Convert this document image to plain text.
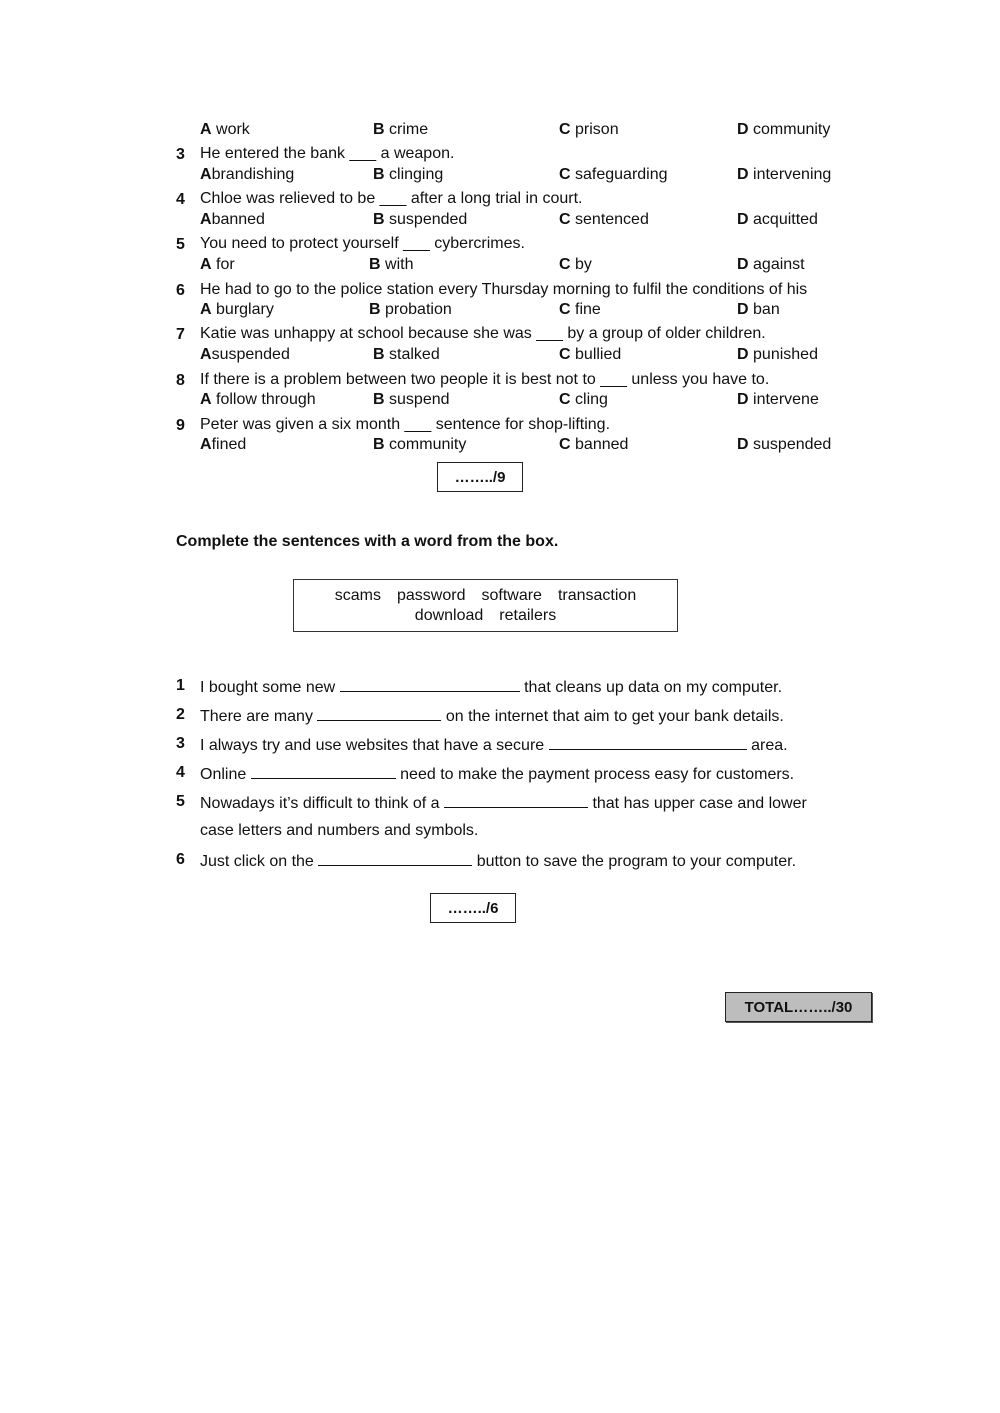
A work	B crime	C prison	D community
3 He entered the bank ___ a weapon.
Abrandishing	B clinging	C safeguarding	D intervening
4 Chloe was relieved to be ___ after a long trial in court.
Abanned	B suspended	C sentenced	D acquitted
5 You need to protect yourself ___ cybercrimes.
A for	B with	C by	D against
6 He had to go to the police station every Thursday morning to fulfil the conditions of his
A burglary	B probation	C fine	D ban
7 Katie was unhappy at school because she was ___ by a group of older children.
Asuspended	B stalked	C bullied	D punished
8 If there is a problem between two people it is best not to ___ unless you have to.
A follow through	B suspend	C cling	D intervene
9 Peter was given a six month ___ sentence for shop-lifting.
Afined	B community	C banned	D suspended
……../9
Complete the sentences with a word from the box.
scams password software transaction
download retailers
1 I bought some new	that cleans up data on my computer.
2 There are many	on the internet that aim to get your bank details.
3 I always try and use websites that have a secure	area.
4 Online	need to make the payment process easy for customers.
5 Nowadays it’s difficult to think of a	that has upper case and lower
case letters and numbers and symbols.
6 Just click on the	button to save the program to your computer.
……../6
TOTAL……../30
